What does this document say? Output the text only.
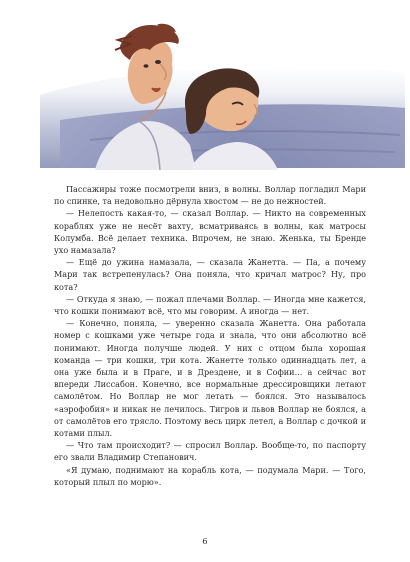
Пассажиры тоже посмотрели вниз, в волны. Воллар погладил Мари по спинке, та недовольно дёрнула хвостом — не до нежностей.

— Нелепость какая-то, — сказал Воллар. — Никто на современных кораблях уже не несёт вахту, всматриваясь в волны, как матросы Колумба. Всё делает техника. Впрочем, не знаю. Женька, ты Бренде ухо намазала?

— Ещё до ужина намазала, — сказала Жанетта. — Па, а почему Мари так встрепенулась? Она поняла, что кричал матрос? Ну, про кота?

— Откуда я знаю, — пожал плечами Воллар. — Иногда мне кажется, что кошки понимают всё, что мы говорим. А иногда — нет.

— Конечно, поняла, — уверенно сказала Жанетта. Она работала номер с кошками уже четыре года и знала, что они абсолютно всё понимают. Иногда получше людей. У них с отцом была хорошая команда — три кошки, три кота. Жанетте только одиннадцать лет, а она уже была и в Праге, и в Дрездене, и в Софии... а сейчас вот впереди Лиссабон. Конечно, все нормальные дрессировщики летают самолётом. Но Воллар не мог летать — боялся. Это называлось «аэрофобия» и никак не лечилось. Тигров и львов Воллар не боялся, а от самолётов его трясло. Поэтому весь цирк летел, а Воллар с дочкой и котами плыл.

— Что там происходит? — спросил Воллар. Вообще-то, по паспорту его звали Владимир Степанович.

«Я думаю, поднимают на корабль кота, — подумала Мари. — Того, который плыл по морю».

6
